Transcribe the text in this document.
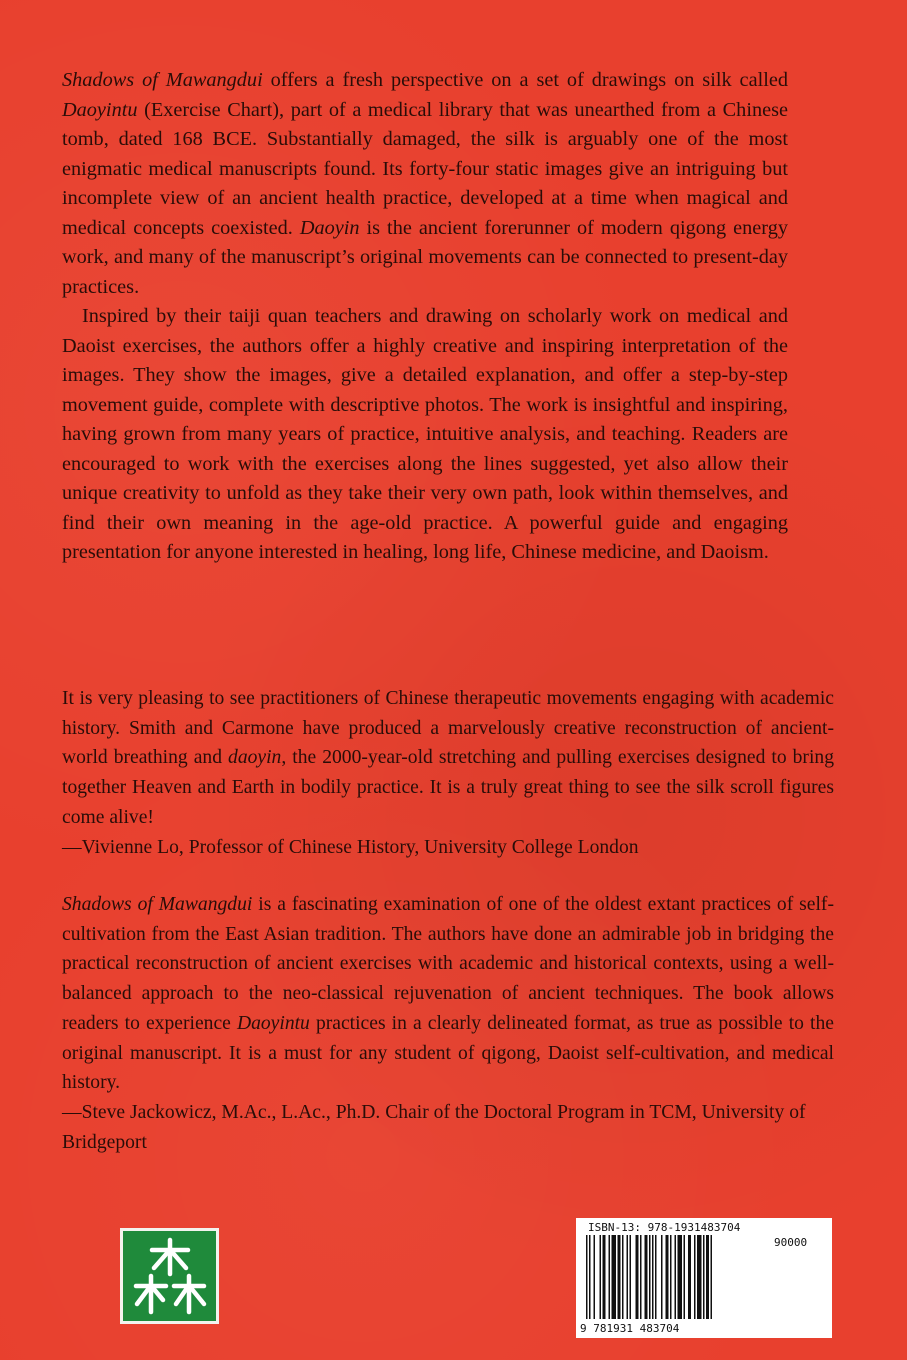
Shadows of Mawangdui offers a fresh perspective on a set of drawings on silk called Daoyintu (Exercise Chart), part of a medical library that was unearthed from a Chinese tomb, dated 168 BCE. Substantially damaged, the silk is arguably one of the most enigmatic medical manuscripts found. Its forty-four static images give an intriguing but incomplete view of an ancient health practice, developed at a time when magical and medical concepts coexisted. Daoyin is the ancient forerunner of modern qigong energy work, and many of the manuscript’s original movements can be connected to present-day practices.

Inspired by their taiji quan teachers and drawing on scholarly work on medical and Daoist exercises, the authors offer a highly creative and inspiring interpretation of the images. They show the images, give a detailed explanation, and offer a step-by-step movement guide, complete with descriptive photos. The work is insightful and inspiring, having grown from many years of practice, intuitive analysis, and teaching. Readers are encouraged to work with the exercises along the lines suggested, yet also allow their unique creativity to unfold as they take their very own path, look within themselves, and find their own meaning in the age-old practice. A powerful guide and engaging presentation for anyone interested in healing, long life, Chinese medicine, and Daoism.

It is very pleasing to see practitioners of Chinese therapeutic movements engaging with academic history. Smith and Carmone have produced a marvelously creative reconstruction of ancient-world breathing and daoyin, the 2000-year-old stretching and pulling exercises designed to bring together Heaven and Earth in bodily practice. It is a truly great thing to see the silk scroll figures come alive!

—Vivienne Lo, Professor of Chinese History, University College London

Shadows of Mawangdui is a fascinating examination of one of the oldest extant practices of self-cultivation from the East Asian tradition. The authors have done an admirable job in bridging the practical reconstruction of ancient exercises with academic and historical contexts, using a well-balanced approach to the neo-classical rejuvenation of ancient techniques. The book allows readers to experience Daoyintu practices in a clearly delineated format, as true as possible to the original manuscript. It is a must for any student of qigong, Daoist self-cultivation, and medical history.

—Steve Jackowicz, M.Ac., L.Ac., Ph.D. Chair of the Doctoral Program in TCM, University of Bridgeport

ISBN-13: 978-1931483704
90000
9 781931 483704
